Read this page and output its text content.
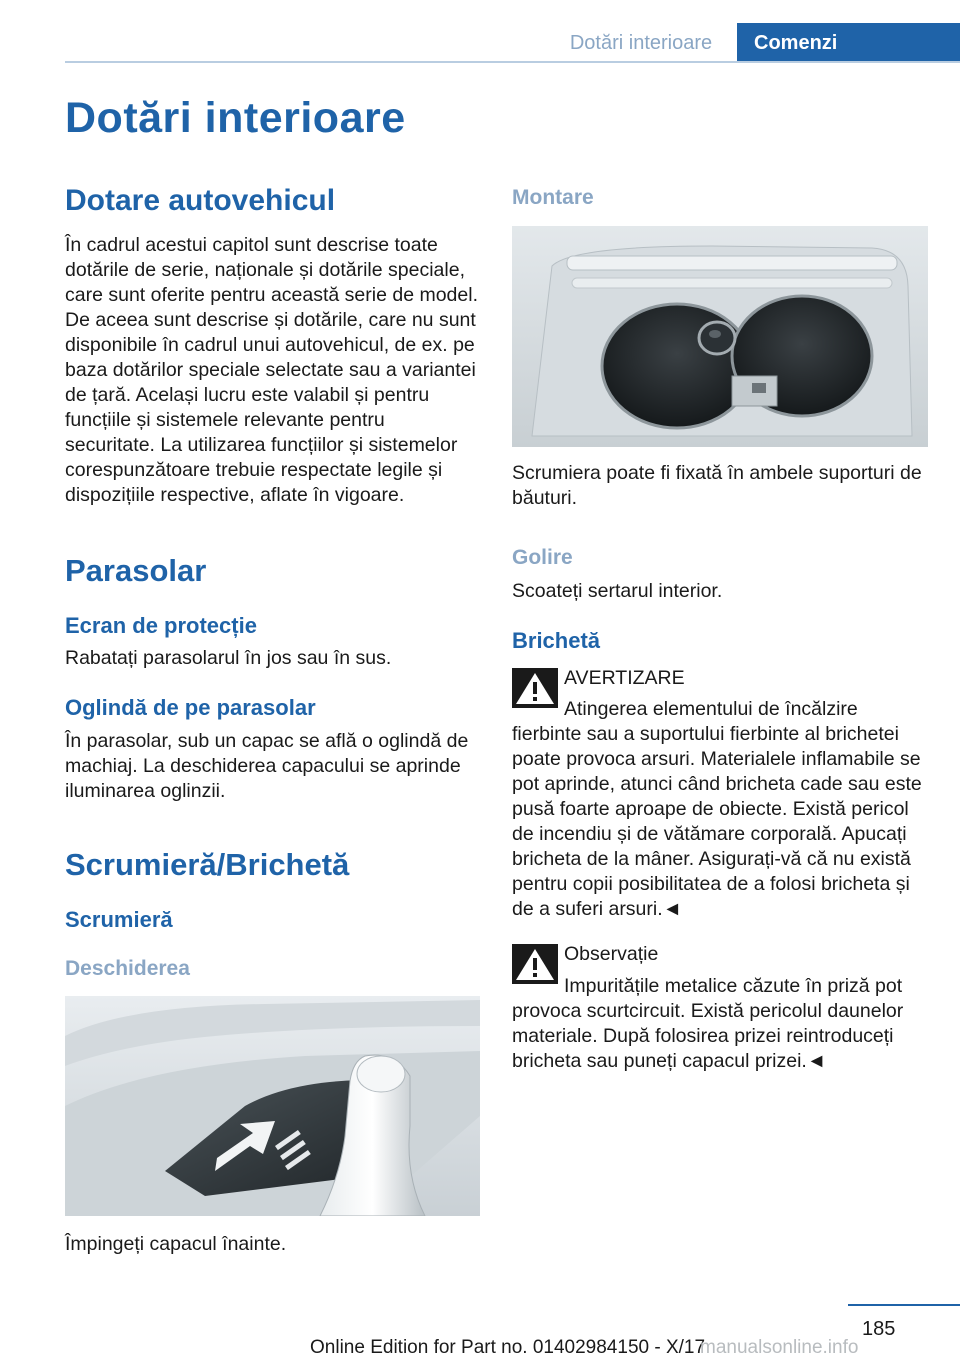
Dotări interioare	Comenzi
Dotări interioare
Dotare autovehicul

În cadrul acestui capitol sunt descrise toate dotările de serie, naționale și dotările speciale, care sunt oferite pentru această serie de model. De aceea sunt descrise și dotările, care nu sunt disponibile în cadrul unui autovehicul, de ex. pe baza dotărilor speciale selectate sau a variantei de țară. Același lucru este valabil și pentru funcțiile și sistemele relevante pentru securitate. La utilizarea funcțiilor și sistemelor corespunzătoare trebuie respectate legile și dispozițiile respective, aflate în vigoare.

Parasolar
Ecran de protecție

Rabatați parasolarul în jos sau în sus.

Oglindă de pe parasolar

În parasolar, sub un capac se află o oglindă de machiaj. La deschiderea capacului se aprinde iluminarea oglinzii.

Scrumieră/Brichetă
Scrumieră
Deschiderea

Împingeți capacul înainte.

Montare

Scrumiera poate fi fixată în ambele suporturi de băuturi.

Golire

Scoateți sertarul interior.

Brichetă
AVERTIZARE
Atingerea elementului de încălzire fierbinte sau a suportului fierbinte al brichetei poate provoca arsuri. Materialele inflamabile se pot aprinde, atunci când bricheta cade sau este pusă foarte aproape de obiecte. Există pericol de incendiu și de vătămare corporală. Apucați bricheta de la mâner. Asigurați-vă că nu există pentru copii posibilitatea de a folosi bricheta și de a suferi arsuri.◄
Observație
Impuritățile metalice căzute în priză pot provoca scurtcircuit. Există pericolul daunelor materiale. După folosirea prizei reintroduceți bricheta sau puneți capacul prizei.◄
185
Online Edition for Part no. 01402984150 - X/17
manualsonline.info
